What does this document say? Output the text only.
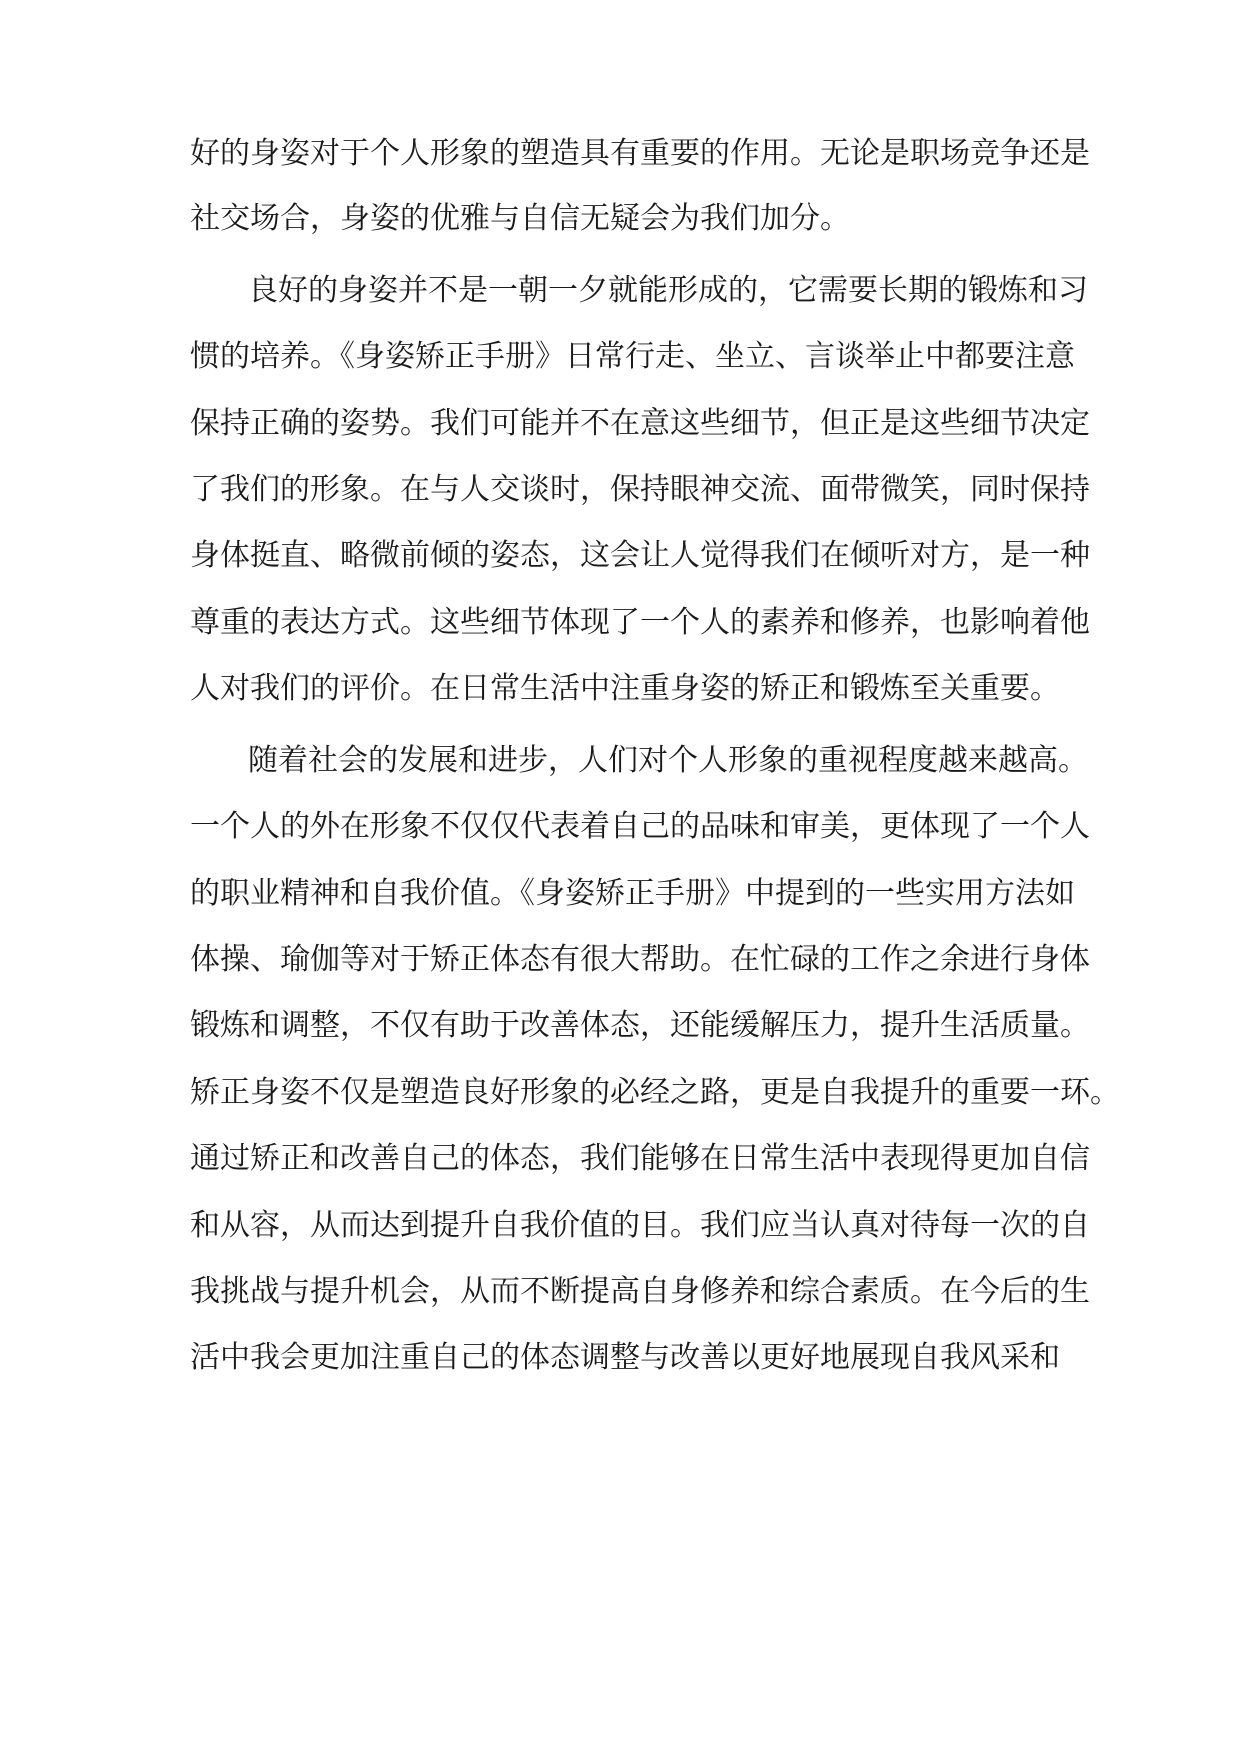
好的身姿对于个人形象的塑造具有重要的作用。无论是职场竞争还是
社交场合，身姿的优雅与自信无疑会为我们加分。
良好的身姿并不是一朝一夕就能形成的，它需要长期的锻炼和习
惯的培养。《身姿矫正手册》日常行走、坐立、言谈举止中都要注意
保持正确的姿势。我们可能并不在意这些细节，但正是这些细节决定
了我们的形象。在与人交谈时，保持眼神交流、面带微笑，同时保持
身体挺直、略微前倾的姿态，这会让人觉得我们在倾听对方，是一种
尊重的表达方式。这些细节体现了一个人的素养和修养，也影响着他
人对我们的评价。在日常生活中注重身姿的矫正和锻炼至关重要。
随着社会的发展和进步，人们对个人形象的重视程度越来越高。
一个人的外在形象不仅仅代表着自己的品味和审美，更体现了一个人
的职业精神和自我价值。《身姿矫正手册》中提到的一些实用方法如
体操、瑜伽等对于矫正体态有很大帮助。在忙碌的工作之余进行身体
锻炼和调整，不仅有助于改善体态，还能缓解压力，提升生活质量。
矫正身姿不仅是塑造良好形象的必经之路，更是自我提升的重要一环。
通过矫正和改善自己的体态，我们能够在日常生活中表现得更加自信
和从容，从而达到提升自我价值的目。我们应当认真对待每一次的自
我挑战与提升机会，从而不断提高自身修养和综合素质。在今后的生
活中我会更加注重自己的体态调整与改善以更好地展现自我风采和
